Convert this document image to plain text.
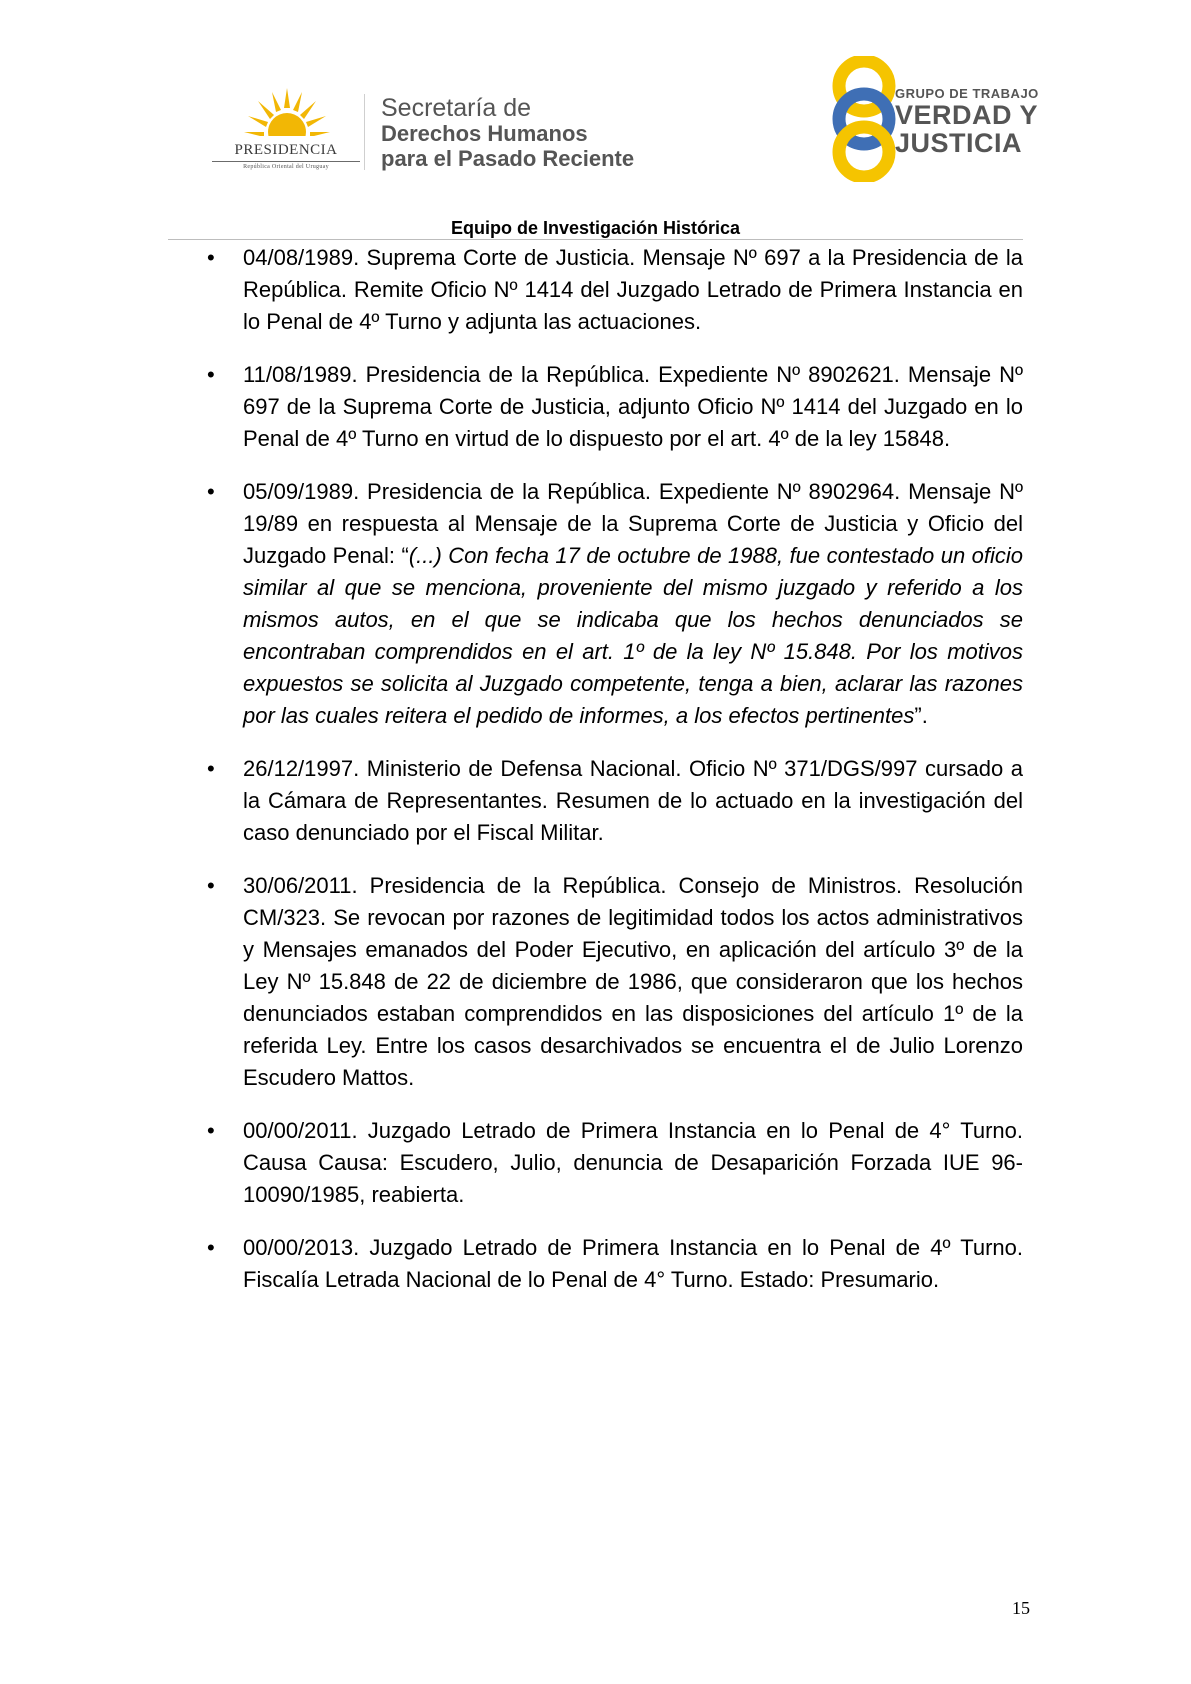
PRESIDENCIA
República Oriental del Uruguay
Secretaría de
Derechos Humanos
para el Pasado Reciente
GRUPO DE TRABAJO
VERDAD Y
JUSTICIA
Equipo de Investigación Histórica
• 04/08/1989. Suprema Corte de Justicia. Mensaje Nº 697 a la Presidencia de la República. Remite Oficio Nº 1414 del Juzgado Letrado de Primera Instancia en lo Penal de 4º Turno y adjunta las actuaciones.
• 11/08/1989. Presidencia de la República. Expediente Nº 8902621. Mensaje Nº 697 de la Suprema Corte de Justicia, adjunto Oficio Nº 1414 del Juzgado en lo Penal de 4º Turno en virtud de lo dispuesto por el art. 4º de la ley 15848.
• 05/09/1989. Presidencia de la República. Expediente Nº 8902964. Mensaje Nº 19/89 en respuesta al Mensaje de la Suprema Corte de Justicia y Oficio del Juzgado Penal: “(...) Con fecha 17 de octubre de 1988, fue contestado un oficio similar al que se menciona, proveniente del mismo juzgado y referido a los mismos autos, en el que se indicaba que los hechos denunciados se encontraban comprendidos en el art. 1º de la ley Nº 15.848. Por los motivos expuestos se solicita al Juzgado competente, tenga a bien, aclarar las razones por las cuales reitera el pedido de informes, a los efectos pertinentes”.
• 26/12/1997. Ministerio de Defensa Nacional. Oficio Nº 371/DGS/997 cursado a la Cámara de Representantes. Resumen de lo actuado en la investigación del caso denunciado por el Fiscal Militar.
• 30/06/2011. Presidencia de la República. Consejo de Ministros. Resolución CM/323. Se revocan por razones de legitimidad todos los actos administrativos y Mensajes emanados del Poder Ejecutivo, en aplicación del artículo 3º de la Ley Nº 15.848 de 22 de diciembre de 1986, que consideraron que los hechos denunciados estaban comprendidos en las disposiciones del artículo 1º de la referida Ley. Entre los casos desarchivados se encuentra el de Julio Lorenzo Escudero Mattos.
• 00/00/2011. Juzgado Letrado de Primera Instancia en lo Penal de 4° Turno. Causa Causa: Escudero, Julio, denuncia de Desaparición Forzada IUE 96-10090/1985, reabierta.
• 00/00/2013. Juzgado Letrado de Primera Instancia en lo Penal de 4º Turno. Fiscalía Letrada Nacional de lo Penal de 4° Turno. Estado: Presumario.
15
